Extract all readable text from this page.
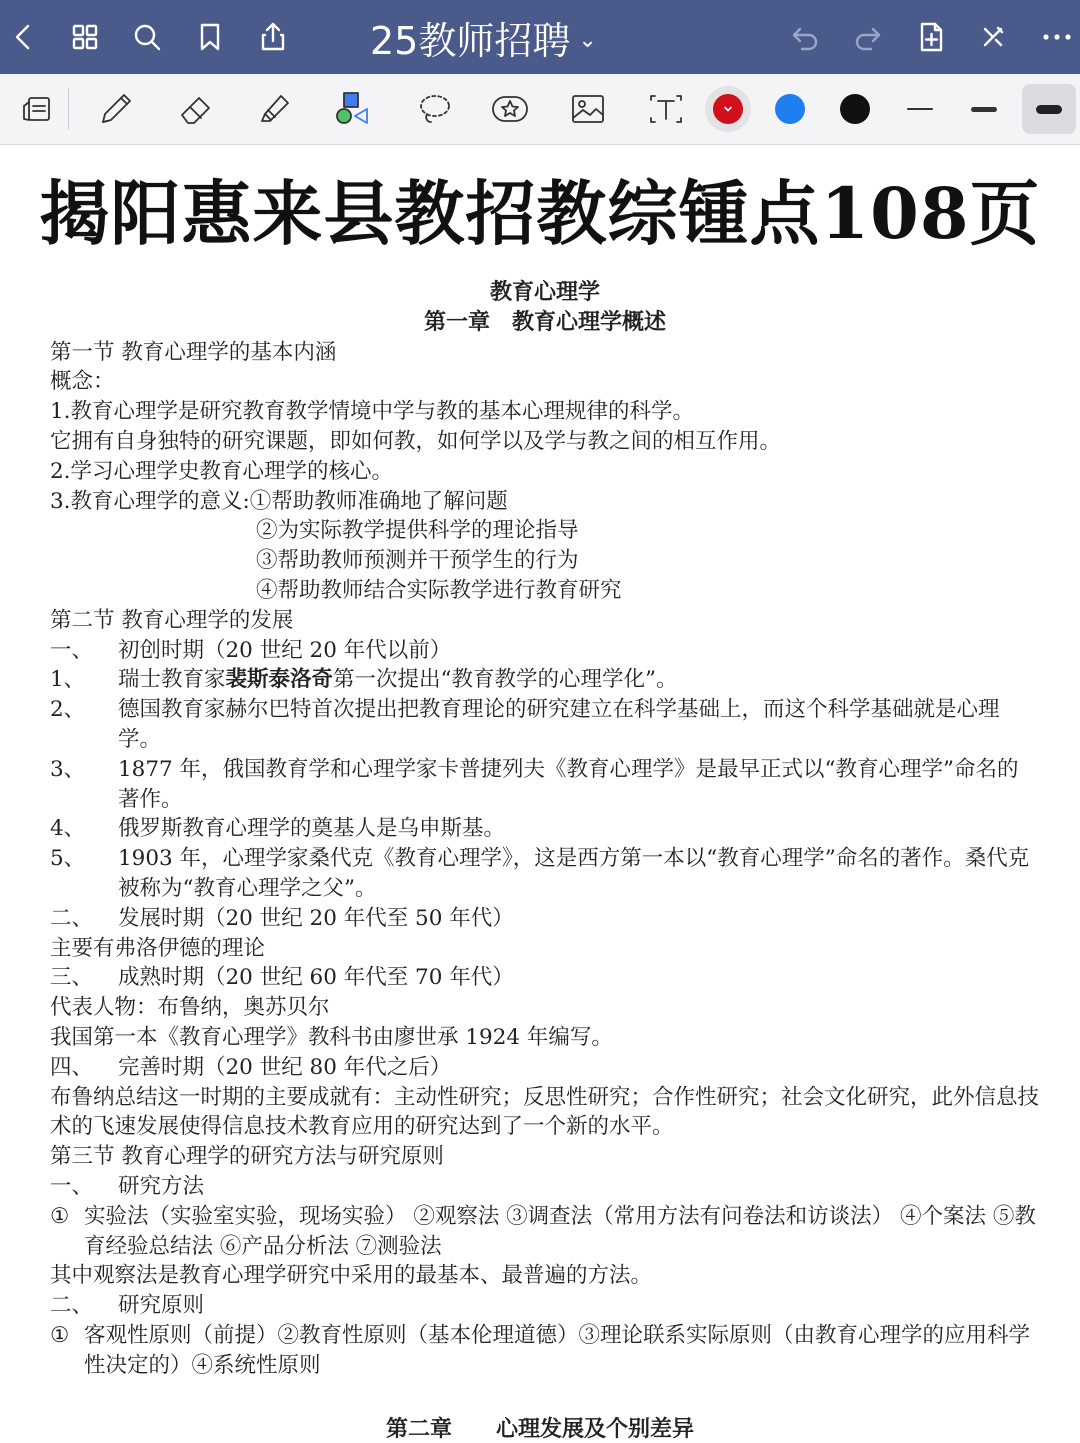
25教师招聘 ⌄
揭阳惠来县教招教综锺点108页
教育心理学
第一章　教育心理学概述
第一节 教育心理学的基本内涵
概念：
1.教育心理学是研究教育教学情境中学与教的基本心理规律的科学。
它拥有自身独特的研究课题，即如何教，如何学以及学与教之间的相互作用。
2.学习心理学史教育心理学的核心。
3.教育心理学的意义:①帮助教师准确地了解问题
②为实际教学提供科学的理论指导
③帮助教师预测并干预学生的行为
④帮助教师结合实际教学进行教育研究
第二节 教育心理学的发展
一、	初创时期（20 世纪 20 年代以前）
1、	瑞士教育家裴斯泰洛奇第一次提出“教育教学的心理学化”。
2、	德国教育家赫尔巴特首次提出把教育理论的研究建立在科学基础上，而这个科学基础就是心理学。
3、	1877 年，俄国教育学和心理学家卡普捷列夫《教育心理学》是最早正式以“教育心理学”命名的著作。
4、	俄罗斯教育心理学的奠基人是乌申斯基。
5、	1903 年，心理学家桑代克《教育心理学》，这是西方第一本以“教育心理学”命名的著作。桑代克被称为“教育心理学之父”。
二、	发展时期（20 世纪 20 年代至 50 年代）
主要有弗洛伊德的理论
三、	成熟时期（20 世纪 60 年代至 70 年代）
代表人物：布鲁纳，奥苏贝尔
我国第一本《教育心理学》教科书由廖世承 1924 年编写。
四、	完善时期（20 世纪 80 年代之后）
布鲁纳总结这一时期的主要成就有：主动性研究；反思性研究；合作性研究；社会文化研究，此外信息技术的飞速发展使得信息技术教育应用的研究达到了一个新的水平。
第三节 教育心理学的研究方法与研究原则
一、	研究方法
① 实验法（实验室实验，现场实验） ②观察法 ③调查法（常用方法有问卷法和访谈法） ④个案法 ⑤教育经验总结法 ⑥产品分析法 ⑦测验法
其中观察法是教育心理学研究中采用的最基本、最普遍的方法。
二、	研究原则
① 客观性原则（前提）②教育性原则（基本伦理道德）③理论联系实际原则（由教育心理学的应用科学性决定的）④系统性原则
第二章　　心理发展及个别差异
